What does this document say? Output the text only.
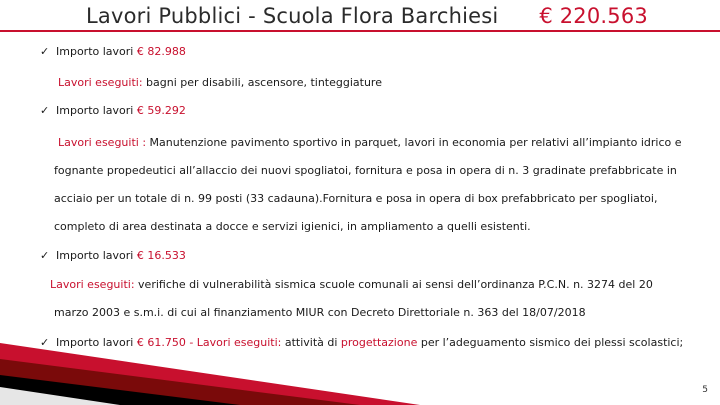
Lavori Pubblici - Scuola Flora Barchiesi € 220.563
✓ Importo lavori € 82.988
Lavori eseguiti: bagni per disabili, ascensore, tinteggiature
✓ Importo lavori € 59.292
Lavori eseguiti : Manutenzione pavimento sportivo in parquet, lavori in economia per relativi all’impianto idrico e
fognante propedeutici all’allaccio dei nuovi spogliatoi, fornitura e posa in opera di n. 3 gradinate prefabbricate in
acciaio per un totale di n. 99 posti (33 cadauna).Fornitura e posa in opera di box prefabbricato per spogliatoi,
completo di area destinata a docce e servizi igienici, in ampliamento a quelli esistenti.
✓ Importo lavori € 16.533
Lavori eseguiti: verifiche di vulnerabilità sismica scuole comunali ai sensi dell’ordinanza P.C.N. n. 3274 del 20
marzo 2003 e s.m.i. di cui al finanziamento MIUR con Decreto Direttoriale n. 363 del 18/07/2018
✓ Importo lavori € 61.750 - Lavori eseguiti: attività di progettazione per l’adeguamento sismico dei plessi scolastici;
5
